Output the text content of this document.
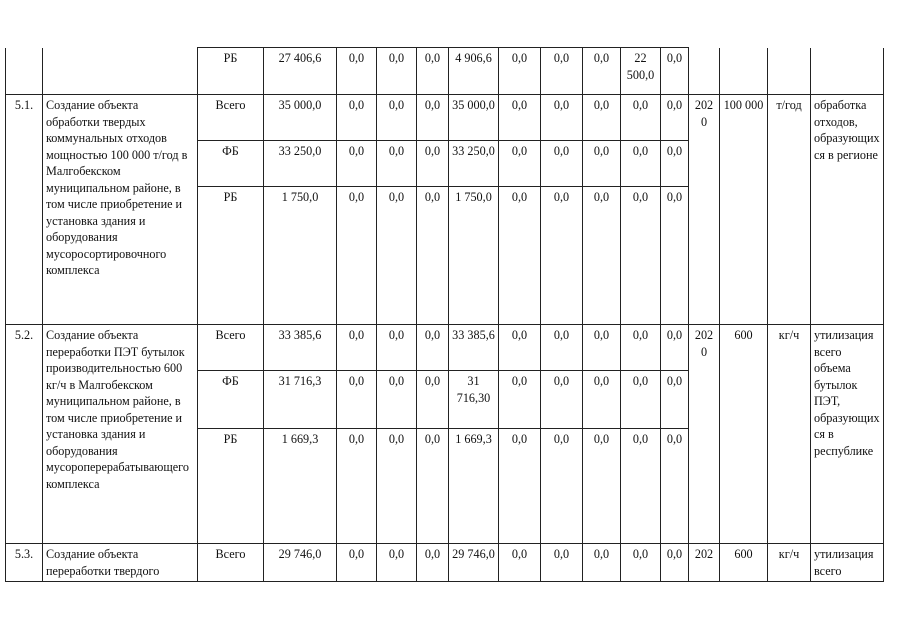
		РБ	27 406,6	0,0	0,0	0,0	4 906,6	0,0	0,0	0,0	22 500,0	0,0				
5.1.	Создание объекта обработки твердых коммунальных отходов мощностью 100 000 т/год в Малгобекском муниципальном районе, в том числе приобретение и установка здания и оборудования мусоросортировочного комплекса	Всего	35 000,0	0,0	0,0	0,0	35 000,0	0,0	0,0	0,0	0,0	0,0	2020	100 000	т/год	обработка отходов, образующихся в регионе
		ФБ	33 250,0	0,0	0,0	0,0	33 250,0	0,0	0,0	0,0	0,0	0,0				
		РБ	1 750,0	0,0	0,0	0,0	1 750,0	0,0	0,0	0,0	0,0	0,0				
5.2.	Создание объекта переработки ПЭТ бутылок производительностью 600 кг/ч в Малгобекском муниципальном районе, в том числе приобретение и установка здания и оборудования мусороперерабатывающего комплекса	Всего	33 385,6	0,0	0,0	0,0	33 385,6	0,0	0,0	0,0	0,0	0,0	2020	600	кг/ч	утилизация всего объема бутылок ПЭТ, образующихся в республике
		ФБ	31 716,3	0,0	0,0	0,0	31 716,30	0,0	0,0	0,0	0,0	0,0				
		РБ	1 669,3	0,0	0,0	0,0	1 669,3	0,0	0,0	0,0	0,0	0,0				
5.3.	Создание объекта переработки твердого	Всего	29 746,0	0,0	0,0	0,0	29 746,0	0,0	0,0	0,0	0,0	0,0	202	600	кг/ч	утилизация всего
